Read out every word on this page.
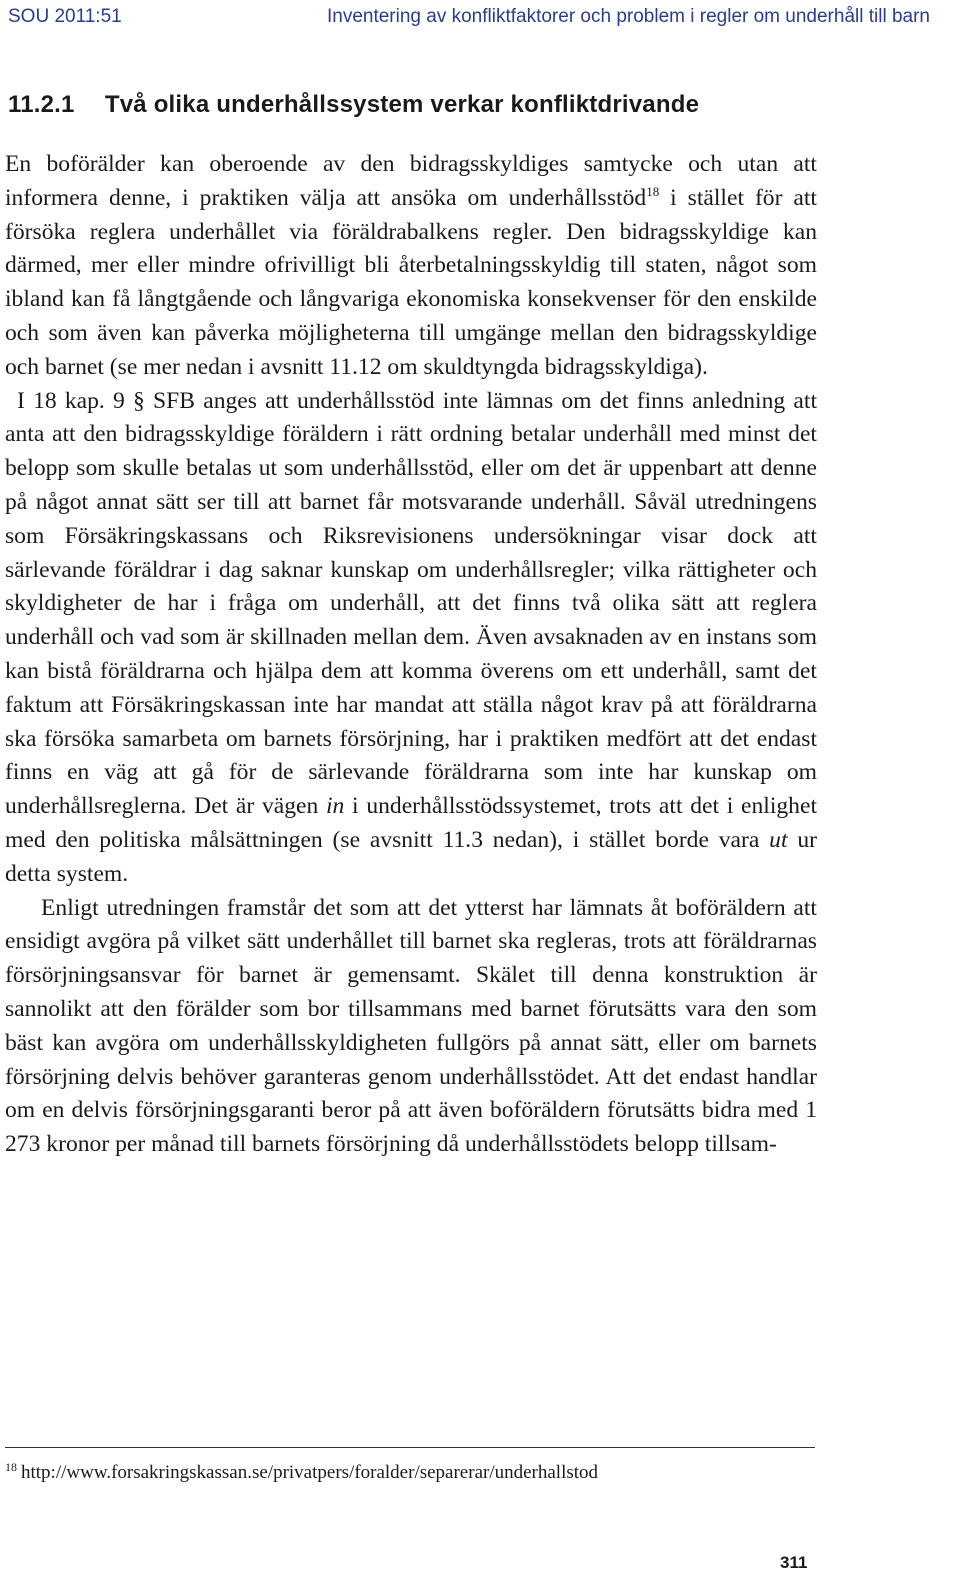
SOU 2011:51	Inventering av konfliktfaktorer och problem i regler om underhåll till barn
11.2.1 Två olika underhållssystem verkar konfliktdrivande

En boförälder kan oberoende av den bidragsskyldiges samtycke och utan att informera denne, i praktiken välja att ansöka om underhållsstöd$^{18}$ i stället för att försöka reglera underhållet via föräldrabalkens regler. Den bidragsskyldige kan därmed, mer eller mindre ofrivilligt bli återbetalningsskyldig till staten, något som ibland kan få långtgående och långvariga ekonomiska konsekvenser för den enskilde och som även kan påverka möjligheterna till umgänge mellan den bidragsskyldige och barnet (se mer nedan i avsnitt 11.12 om skuldtyngda bidragsskyldiga).

I 18 kap. 9 § SFB anges att underhållsstöd inte lämnas om det finns anledning att anta att den bidragsskyldige föräldern i rätt ordning betalar underhåll med minst det belopp som skulle betalas ut som underhållsstöd, eller om det är uppenbart att denne på något annat sätt ser till att barnet får motsvarande underhåll. Såväl utredningens som Försäkringskassans och Riksrevisionens undersökningar visar dock att särlevande föräldrar i dag saknar kunskap om underhållsregler; vilka rättigheter och skyldigheter de har i fråga om underhåll, att det finns två olika sätt att reglera underhåll och vad som är skillnaden mellan dem. Även avsaknaden av en instans som kan bistå föräldrarna och hjälpa dem att komma överens om ett underhåll, samt det faktum att Försäkringskassan inte har mandat att ställa något krav på att föräldrarna ska försöka samarbeta om barnets försörjning, har i praktiken medfört att det endast finns en väg att gå för de särlevande föräldrarna som inte har kunskap om underhållsreglerna. Det är vägen in i underhållsstödssystemet, trots att det i enlighet med den politiska målsättningen (se avsnitt 11.3 nedan), i stället borde vara ut ur detta system.

Enligt utredningen framstår det som att det ytterst har lämnats åt boföräldern att ensidigt avgöra på vilket sätt underhållet till barnet ska regleras, trots att föräldrarnas försörjningsansvar för barnet är gemensamt. Skälet till denna konstruktion är sannolikt att den förälder som bor tillsammans med barnet förutsätts vara den som bäst kan avgöra om underhållsskyldigheten fullgörs på annat sätt, eller om barnets försörjning delvis behöver garanteras genom underhållsstödet. Att det endast handlar om en delvis försörjningsgaranti beror på att även boföräldern förutsätts bidra med 1 273 kronor per månad till barnets försörjning då underhållsstödets belopp tillsam-

$^{18}$ http://www.forsakringskassan.se/privatpers/foralder/separerar/underhallstod
311
